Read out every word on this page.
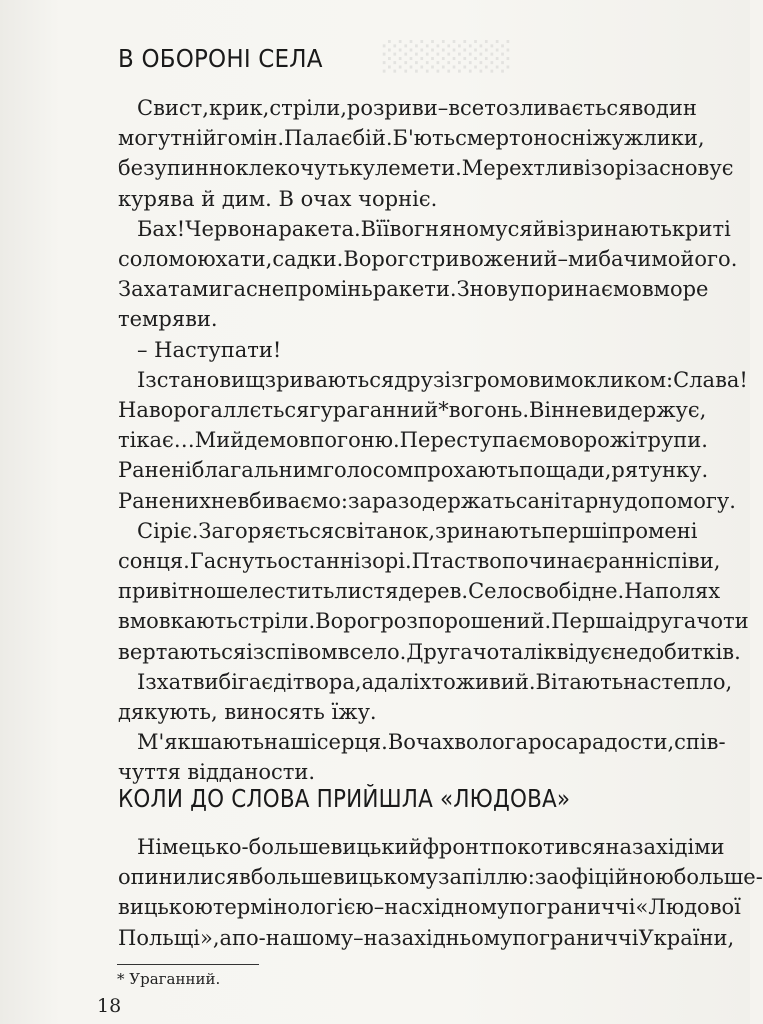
░░░░░░
В ОБОРОНІ СЕЛА
Свист, крик, стріли, розриви – все то зливається в один
могутній гомін. Палає бій. Б'ють смертоносні жужлики,
безупинно клекочуть кулемети. Мерехтливі зорі засновує
курява й дим. В очах чорніє.
Бах! Червона ракета. В її вогняному сяйві зринають криті
соломою хати, садки. Ворог стривожений – ми бачимо його.
За хатами гасне промінь ракети. Знову поринаємо в море
темряви.
– Наступати!
Із становищ зриваються друзі з громовим окликом: Слава!
На ворога ллється гураганний* вогонь. Він не видержує,
тікає… Ми йдемо в погоню. Переступаємо ворожі трупи.
Ранені благальним голосом прохають пощади, рятунку.
Ранених не вбиваємо: зараз одержать санітарну допомогу.
Сіріє. Загоряється світанок, зринають перші промені
сонця. Гаснуть останні зорі. Птаство починає ранні співи,
привітно шелестить листя дерев. Село свобідне. На полях
вмовкають стріли. Ворог розпорошений. Перша і друга чоти
вертаються із співом в село. Друга чота ліквідує недобитків.
Із хат вибігає дітвора, а далі хто живий. Вітають нас тепло,
дякують, виносять їжу.
М'якшають наші серця. В очах волога роса радости, спів-
чуття відданости.
КОЛИ ДО СЛОВА ПРИЙШЛА «ЛЮДОВА»
Німецько-большевицький фронт покотився на захід і ми
опинилися в большевицькому запіллю: за офіційною больше-
вицькою термінологією – на східному пограниччі «Людової
Польщі», а по-нашому – на західньому пограниччі України,
* Ураганний.
18
